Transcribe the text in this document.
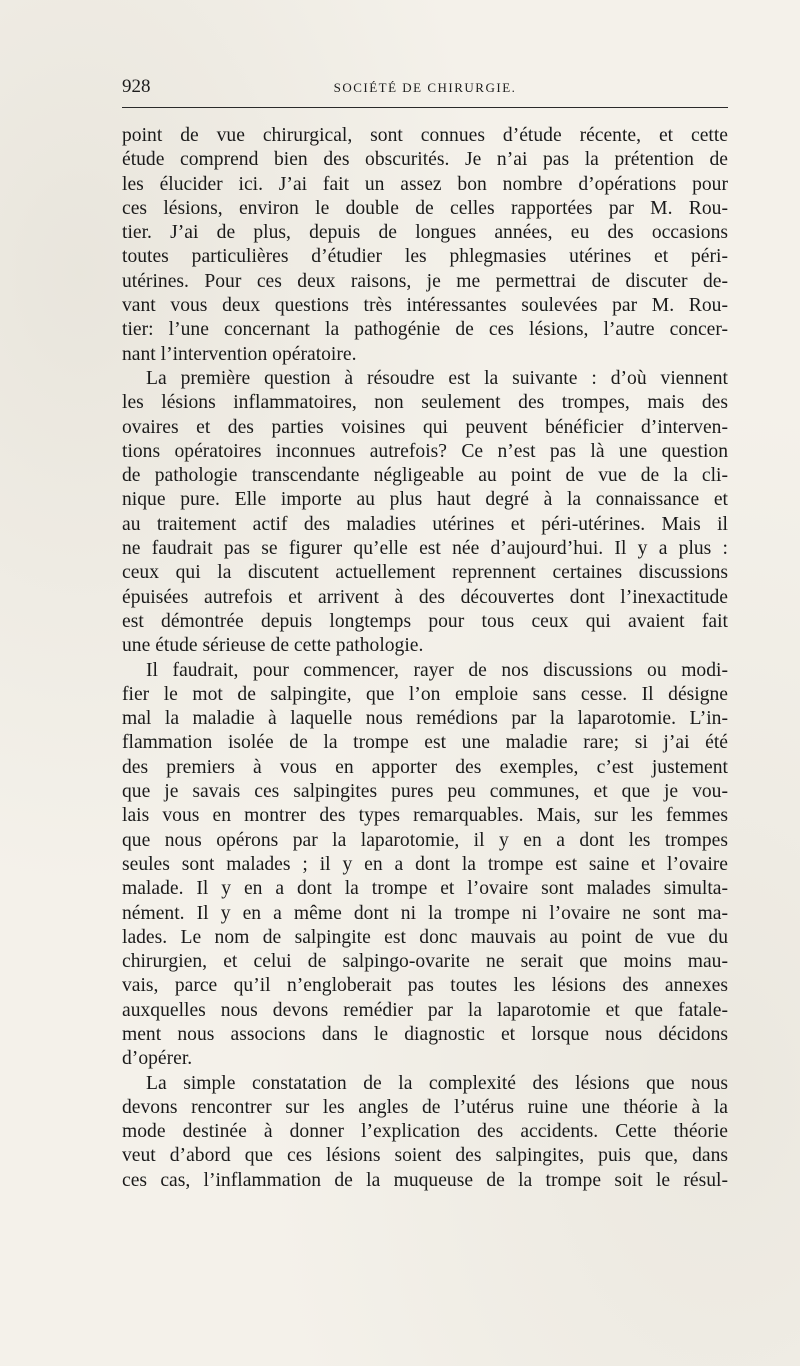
928	SOCIÉTÉ DE CHIRURGIE.
point de vue chirurgical, sont connues d’étude récente, et cette
étude comprend bien des obscurités. Je n’ai pas la prétention de
les élucider ici. J’ai fait un assez bon nombre d’opérations pour
ces lésions, environ le double de celles rapportées par M. Rou-
tier. J’ai de plus, depuis de longues années, eu des occasions
toutes particulières d’étudier les phlegmasies utérines et péri-
utérines. Pour ces deux raisons, je me permettrai de discuter de-
vant vous deux questions très intéressantes soulevées par M. Rou-
tier: l’une concernant la pathogénie de ces lésions, l’autre concer-
nant l’intervention opératoire.
La première question à résoudre est la suivante : d’où viennent
les lésions inflammatoires, non seulement des trompes, mais des
ovaires et des parties voisines qui peuvent bénéficier d’interven-
tions opératoires inconnues autrefois? Ce n’est pas là une question
de pathologie transcendante négligeable au point de vue de la cli-
nique pure. Elle importe au plus haut degré à la connaissance et
au traitement actif des maladies utérines et péri-utérines. Mais il
ne faudrait pas se figurer qu’elle est née d’aujourd’hui. Il y a plus :
ceux qui la discutent actuellement reprennent certaines discussions
épuisées autrefois et arrivent à des découvertes dont l’inexactitude
est démontrée depuis longtemps pour tous ceux qui avaient fait
une étude sérieuse de cette pathologie.
Il faudrait, pour commencer, rayer de nos discussions ou modi-
fier le mot de salpingite, que l’on emploie sans cesse. Il désigne
mal la maladie à laquelle nous remédions par la laparotomie. L’in-
flammation isolée de la trompe est une maladie rare; si j’ai été
des premiers à vous en apporter des exemples, c’est justement
que je savais ces salpingites pures peu communes, et que je vou-
lais vous en montrer des types remarquables. Mais, sur les femmes
que nous opérons par la laparotomie, il y en a dont les trompes
seules sont malades ; il y en a dont la trompe est saine et l’ovaire
malade. Il y en a dont la trompe et l’ovaire sont malades simulta-
nément. Il y en a même dont ni la trompe ni l’ovaire ne sont ma-
lades. Le nom de salpingite est donc mauvais au point de vue du
chirurgien, et celui de salpingo-ovarite ne serait que moins mau-
vais, parce qu’il n’engloberait pas toutes les lésions des annexes
auxquelles nous devons remédier par la laparotomie et que fatale-
ment nous associons dans le diagnostic et lorsque nous décidons
d’opérer.
La simple constatation de la complexité des lésions que nous
devons rencontrer sur les angles de l’utérus ruine une théorie à la
mode destinée à donner l’explication des accidents. Cette théorie
veut d’abord que ces lésions soient des salpingites, puis que, dans
ces cas, l’inflammation de la muqueuse de la trompe soit le résul-
